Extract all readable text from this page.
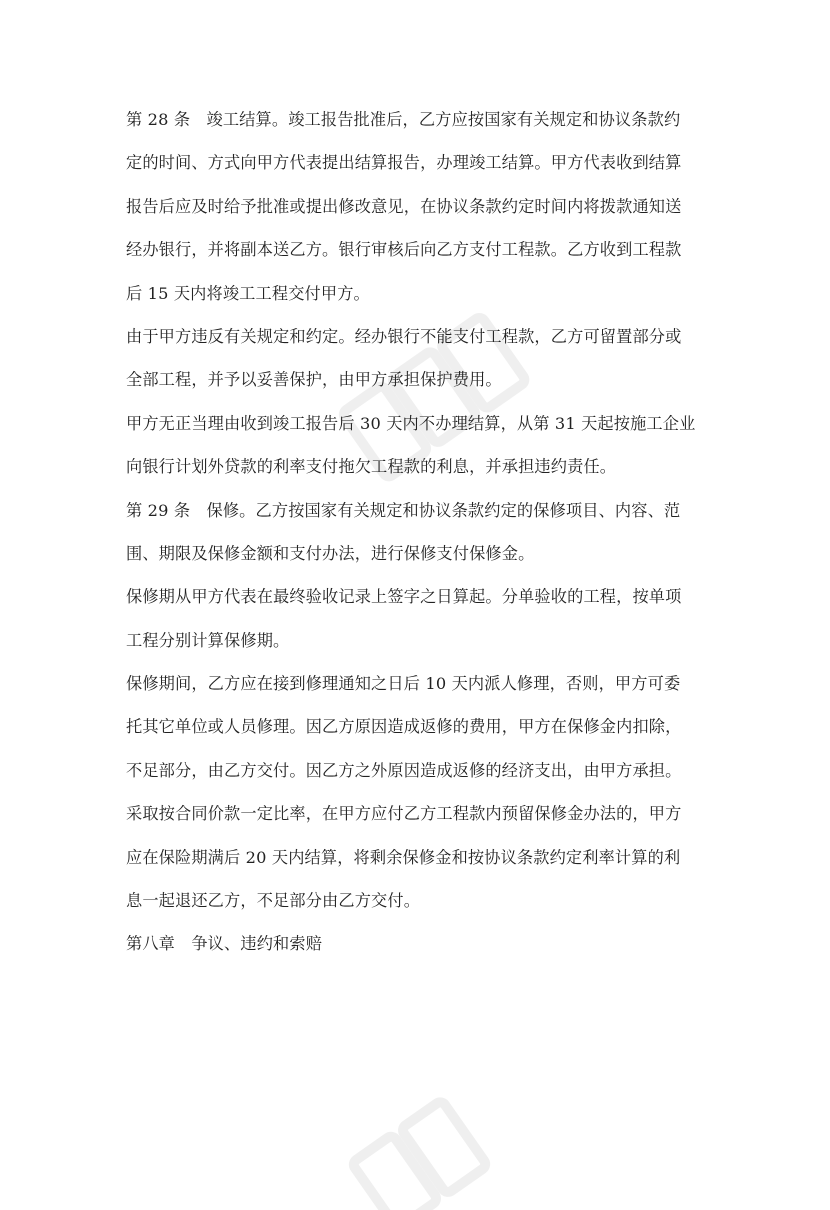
第 28 条　竣工结算。竣工报告批准后，乙方应按国家有关规定和协议条款约
定的时间、方式向甲方代表提出结算报告，办理竣工结算。甲方代表收到结算
报告后应及时给予批准或提出修改意见，在协议条款约定时间内将拨款通知送
经办银行，并将副本送乙方。银行审核后向乙方支付工程款。乙方收到工程款
后 15 天内将竣工工程交付甲方。
由于甲方违反有关规定和约定。经办银行不能支付工程款，乙方可留置部分或
全部工程，并予以妥善保护，由甲方承担保护费用。
甲方无正当理由收到竣工报告后 30 天内不办理结算，从第 31 天起按施工企业
向银行计划外贷款的利率支付拖欠工程款的利息，并承担违约责任。
第 29 条　保修。乙方按国家有关规定和协议条款约定的保修项目、内容、范
围、期限及保修金额和支付办法，进行保修支付保修金。
保修期从甲方代表在最终验收记录上签字之日算起。分单验收的工程，按单项
工程分别计算保修期。
保修期间，乙方应在接到修理通知之日后 10 天内派人修理，否则，甲方可委
托其它单位或人员修理。因乙方原因造成返修的费用，甲方在保修金内扣除，
不足部分，由乙方交付。因乙方之外原因造成返修的经济支出，由甲方承担。
采取按合同价款一定比率，在甲方应付乙方工程款内预留保修金办法的，甲方
应在保险期满后 20 天内结算，将剩余保修金和按协议条款约定利率计算的利
息一起退还乙方，不足部分由乙方交付。
第八章　争议、违约和索赔
